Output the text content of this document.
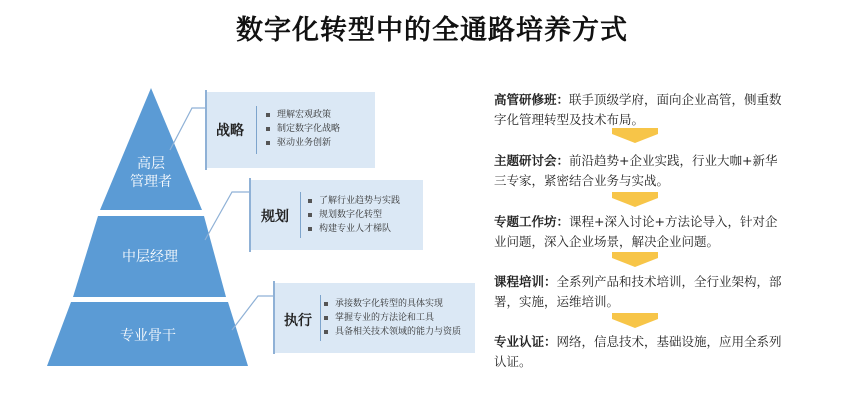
数字化转型中的全通路培养方式
高层
管理者
中层经理
专业骨干
战略
理解宏观政策
制定数字化战略
驱动业务创新
规划
了解行业趋势与实践
规划数字化转型
构建专业人才梯队
执行
承接数字化转型的具体实现
掌握专业的方法论和工具
具备相关技术领域的能力与资质
高管研修班：联手顶级学府，面向企业高管，侧重数
字化管理转型及技术布局。
主题研讨会：前沿趋势+企业实践，行业大咖+新华
三专家，紧密结合业务与实战。
专题工作坊：课程+深入讨论+方法论导入，针对企
业问题，深入企业场景，解决企业问题。
课程培训：全系列产品和技术培训，全行业架构，部
署，实施，运维培训。
专业认证：网络，信息技术，基础设施，应用全系列
认证。
